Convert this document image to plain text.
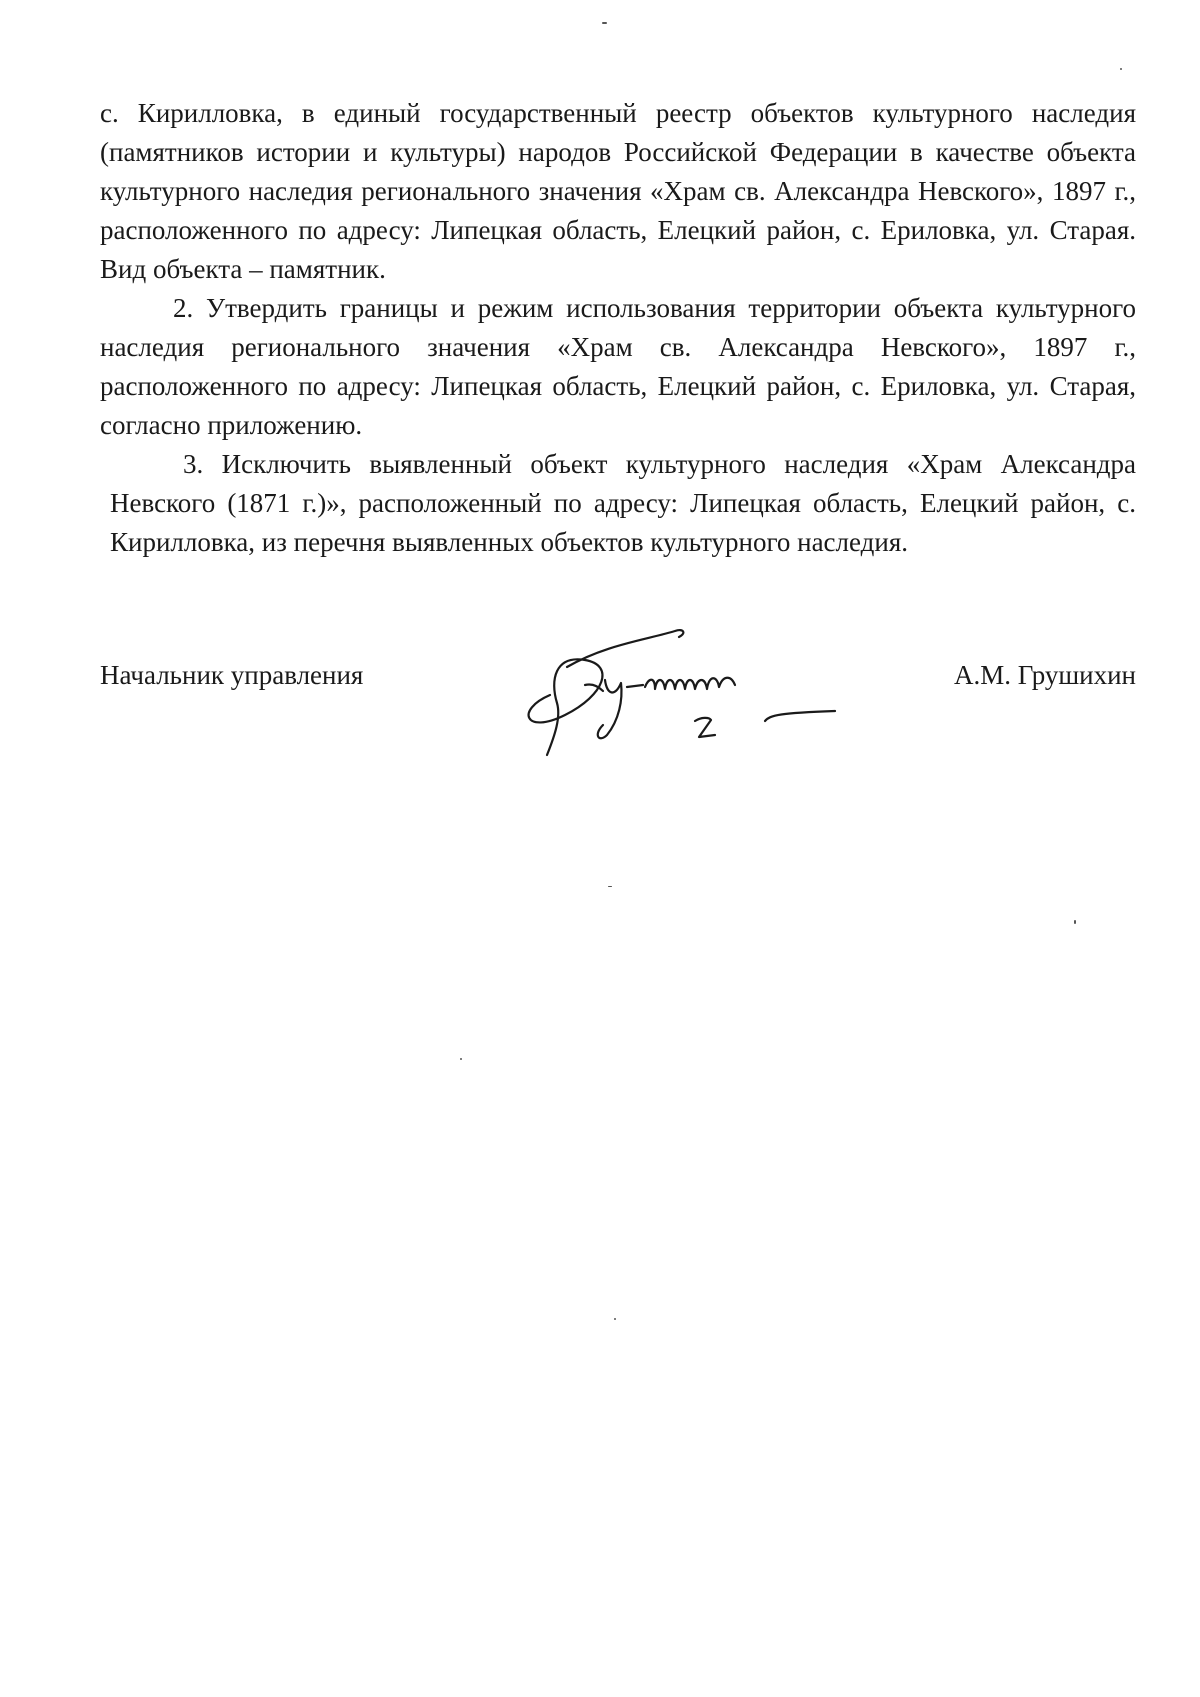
с. Кирилловка, в единый государственный реестр объектов культурного наследия (памятников истории и культуры) народов Российской Федерации в качестве объекта культурного наследия регионального значения «Храм св. Александра Невского», 1897 г., расположенного по адресу: Липецкая область, Елецкий район, с. Ериловка, ул. Старая. Вид объекта – памятник.

2. Утвердить границы и режим использования территории объекта культурного наследия регионального значения «Храм св. Александра Невского», 1897 г., расположенного по адресу: Липецкая область, Елецкий район, с. Ериловка, ул. Старая, согласно приложению.

3. Исключить выявленный объект культурного наследия «Храм Александра Невского (1871 г.)», расположенный по адресу: Липецкая область, Елецкий район, с. Кирилловка, из перечня выявленных объектов культурного наследия.

Начальник управления	А.М. Грушихин
